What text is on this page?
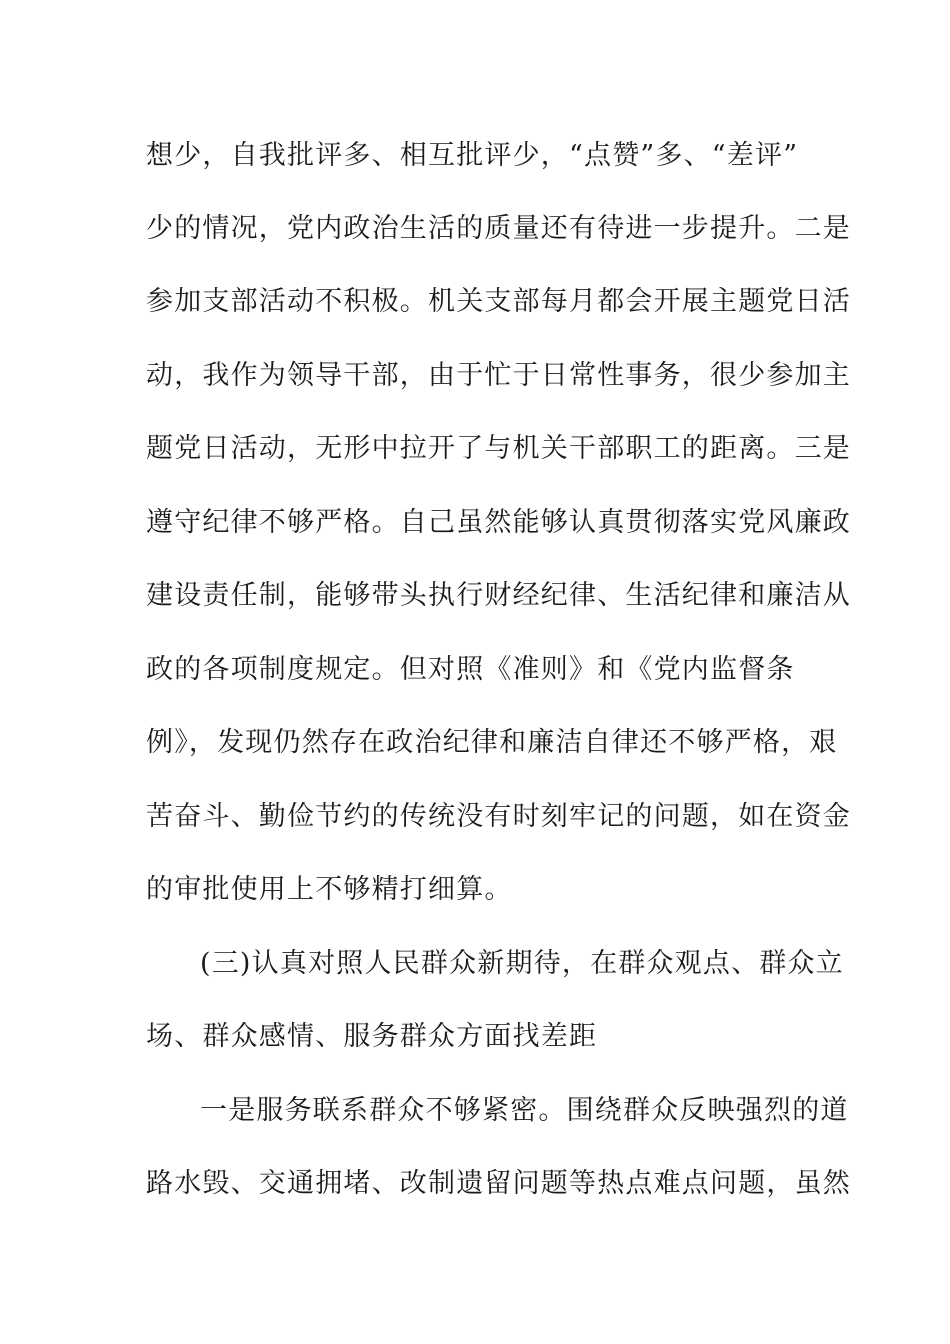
想少，自我批评多、相互批评少，“点赞”多、“差评”
少的情况，党内政治生活的质量还有待进一步提升。二是
参加支部活动不积极。机关支部每月都会开展主题党日活
动，我作为领导干部，由于忙于日常性事务，很少参加主
题党日活动，无形中拉开了与机关干部职工的距离。三是
遵守纪律不够严格。自己虽然能够认真贯彻落实党风廉政
建设责任制，能够带头执行财经纪律、生活纪律和廉洁从
政的各项制度规定。但对照《准则》和《党内监督条
例》，发现仍然存在政治纪律和廉洁自律还不够严格，艰
苦奋斗、勤俭节约的传统没有时刻牢记的问题，如在资金
的审批使用上不够精打细算。
(三)认真对照人民群众新期待，在群众观点、群众立
场、群众感情、服务群众方面找差距
一是服务联系群众不够紧密。围绕群众反映强烈的道
路水毁、交通拥堵、改制遗留问题等热点难点问题，虽然
